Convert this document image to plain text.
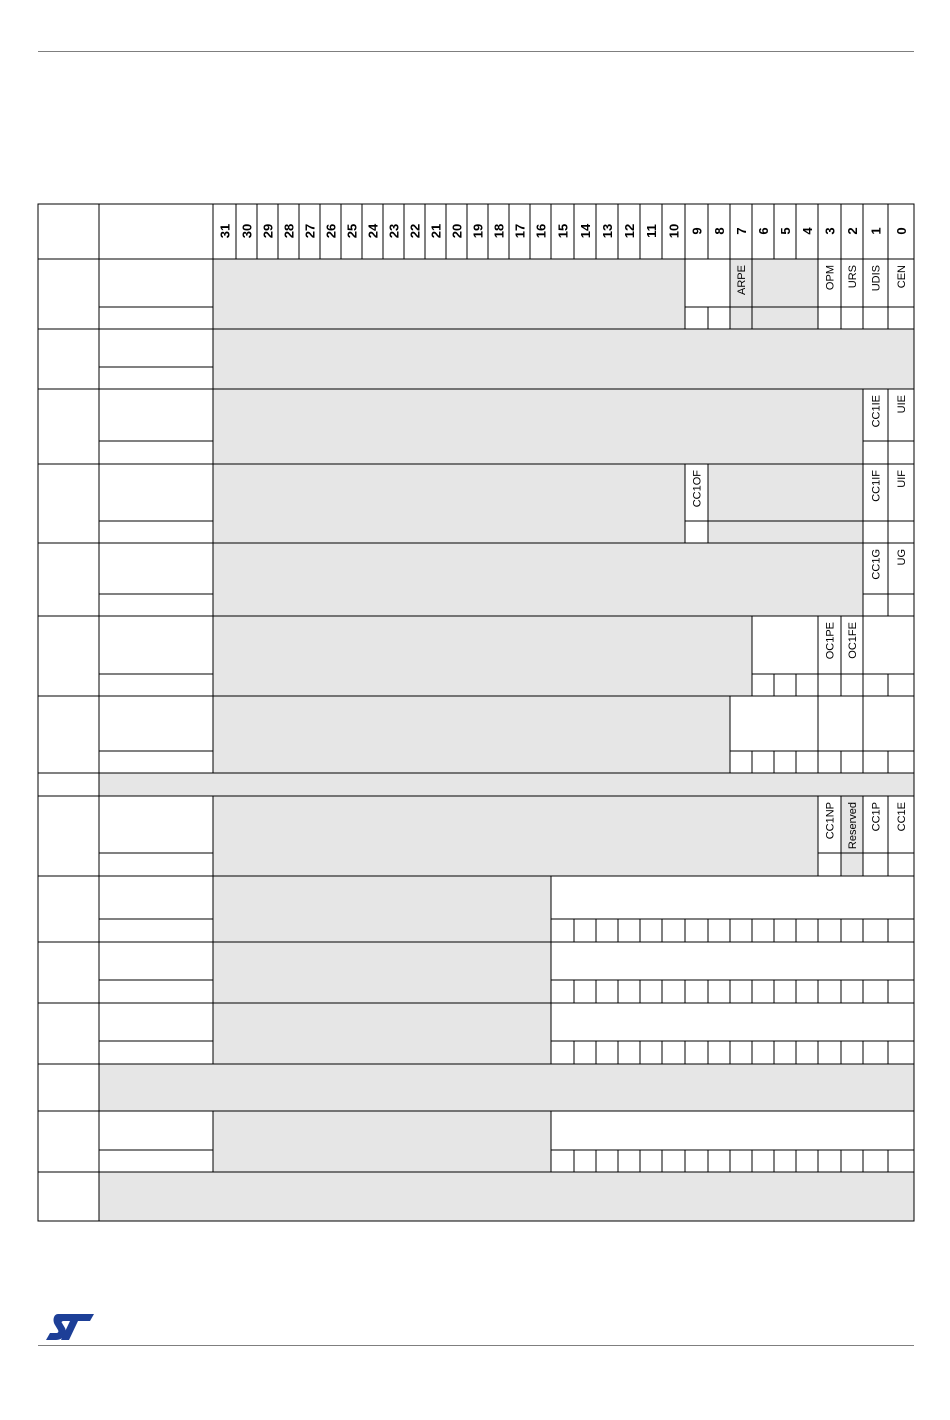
31 30 29 28 27 26 25 24 23 22 21 20 19 18 17 16 15 14 13 12 11 10 9 8 7 6 5 4 3 2 1 0
ARPE	OPM URS UDIS CEN
CC1IE UIE
CC1OF	CC1IF UIF
CC1G UG
OC1PE OC1FE
CC1NP Reserved CC1P CC1E
